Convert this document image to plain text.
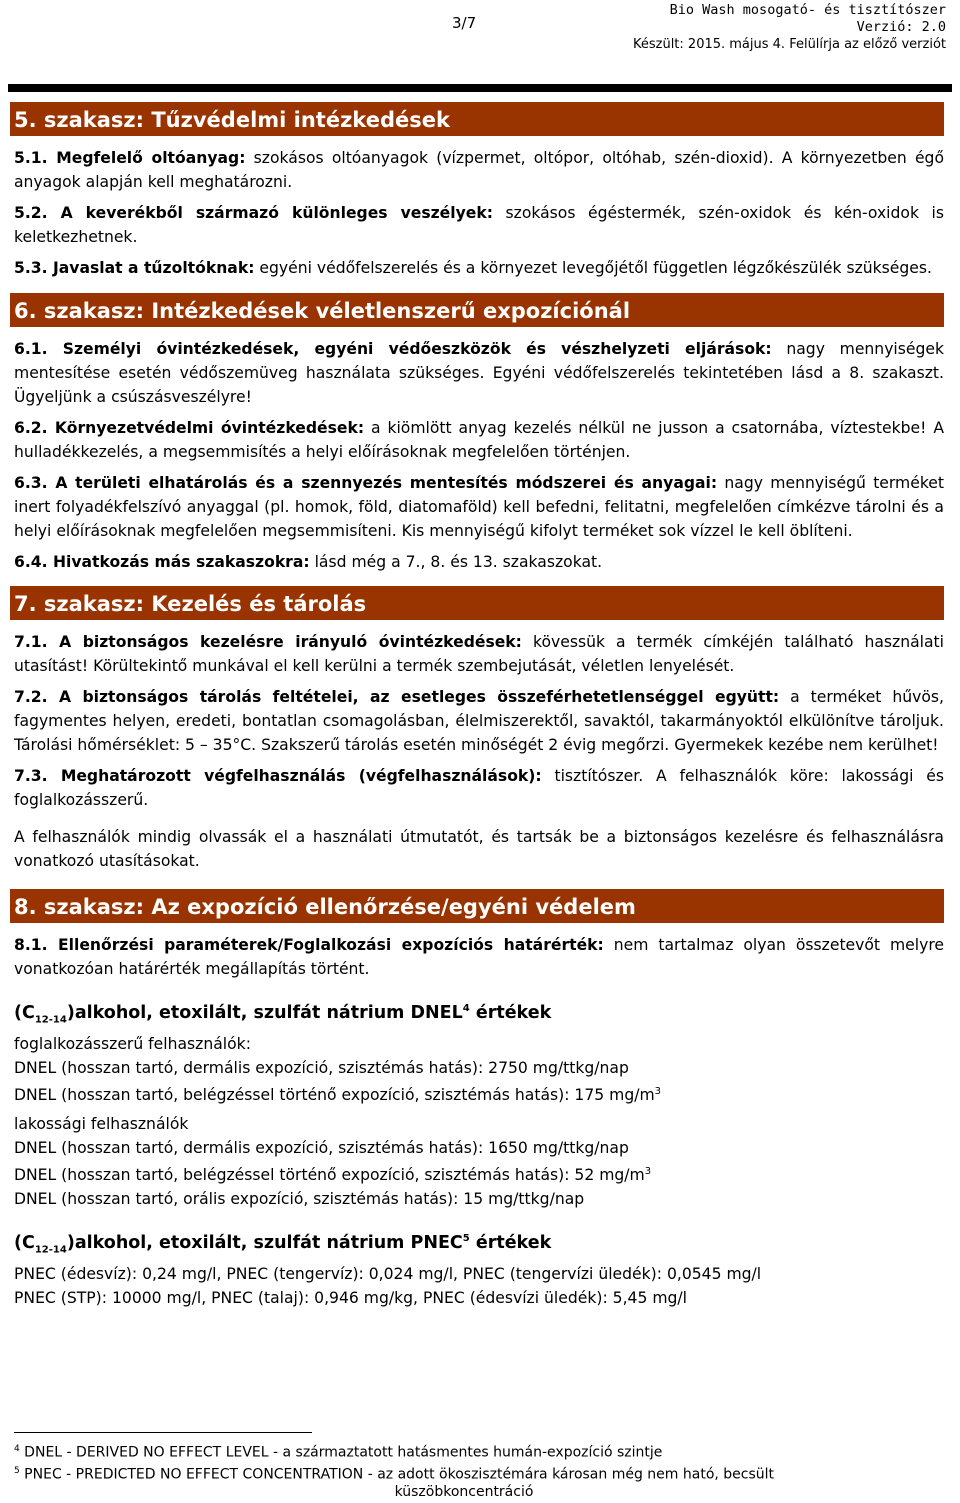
3/7
Bio Wash mosogató- és tisztítószer
Verzió: 2.0
Készült: 2015. május 4. Felülírja az előző verziót
5. szakasz: Tűzvédelmi intézkedések

5.1. Megfelelő oltóanyag: szokásos oltóanyagok (vízpermet, oltópor, oltóhab, szén-dioxid). A környezetben égő anyagok alapján kell meghatározni.

5.2. A keverékből származó különleges veszélyek: szokásos égéstermék, szén-oxidok és kén-oxidok is keletkezhetnek.

5.3. Javaslat a tűzoltóknak: egyéni védőfelszerelés és a környezet levegőjétől független légzőkészülék szükséges.

6. szakasz: Intézkedések véletlenszerű expozíciónál

6.1. Személyi óvintézkedések, egyéni védőeszközök és vészhelyzeti eljárások: nagy mennyiségek mentesítése esetén védőszemüveg használata szükséges. Egyéni védőfelszerelés tekintetében lásd a 8. szakaszt. Ügyeljünk a csúszásveszélyre!

6.2. Környezetvédelmi óvintézkedések: a kiömlött anyag kezelés nélkül ne jusson a csatornába, víztestekbe! A hulladékkezelés, a megsemmisítés a helyi előírásoknak megfelelően történjen.

6.3. A területi elhatárolás és a szennyezés mentesítés módszerei és anyagai: nagy mennyiségű terméket inert folyadékfelszívó anyaggal (pl. homok, föld, diatomaföld) kell befedni, felitatni, megfelelően címkézve tárolni és a helyi előírásoknak megfelelően megsemmisíteni. Kis mennyiségű kifolyt terméket sok vízzel le kell öblíteni.

6.4. Hivatkozás más szakaszokra: lásd még a 7., 8. és 13. szakaszokat.

7. szakasz: Kezelés és tárolás

7.1. A biztonságos kezelésre irányuló óvintézkedések: kövessük a termék címkéjén található használati utasítást! Körültekintő munkával el kell kerülni a termék szembejutását, véletlen lenyelését.

7.2. A biztonságos tárolás feltételei, az esetleges összeférhetetlenséggel együtt: a terméket hűvös, fagymentes helyen, eredeti, bontatlan csomagolásban, élelmiszerektől, savaktól, takarmányoktól elkülönítve tároljuk. Tárolási hőmérséklet: 5 – 35°C. Szakszerű tárolás esetén minőségét 2 évig megőrzi. Gyermekek kezébe nem kerülhet!

7.3. Meghatározott végfelhasználás (végfelhasználások): tisztítószer. A felhasználók köre: lakossági és foglalkozásszerű.

A felhasználók mindig olvassák el a használati útmutatót, és tartsák be a biztonságos kezelésre és felhasználásra vonatkozó utasításokat.

8. szakasz: Az expozíció ellenőrzése/egyéni védelem

8.1. Ellenőrzési paraméterek/Foglalkozási expozíciós határérték: nem tartalmaz olyan összetevőt melyre vonatkozóan határérték megállapítás történt.

$(C_{12-14})alkohol$, etoxilált, szulfát nátrium DNEL$^4$ értékek

foglalkozásszerű felhasználók:

DNEL (hosszan tartó, dermális expozíció, szisztémás hatás): 2750 mg/ttkg/nap

DNEL (hosszan tartó, belégzéssel történő expozíció, szisztémás hatás): 175 $mg/m^3$

lakossági felhasználók

DNEL (hosszan tartó, dermális expozíció, szisztémás hatás): 1650 mg/ttkg/nap

DNEL (hosszan tartó, belégzéssel történő expozíció, szisztémás hatás): 52 $mg/m^3$

DNEL (hosszan tartó, orális expozíció, szisztémás hatás): 15 mg/ttkg/nap

$(C_{12-14})alkohol$, etoxilált, szulfát nátrium PNEC$^5$ értékek

PNEC (édesvíz): 0,24 mg/l, PNEC (tengervíz): 0,024 mg/l, PNEC (tengervízi üledék): 0,0545 mg/l

PNEC (STP): 10000 mg/l, PNEC (talaj): 0,946 mg/kg, PNEC (édesvízi üledék): 5,45 mg/l

$^4$ DNEL - DERIVED NO EFFECT LEVEL - a származtatott hatásmentes humán-expozíció szintje
$^5$ PNEC - PREDICTED NO EFFECT CONCENTRATION - az adott ökoszisztémára károsan még nem ható, becsült
küszöbkoncentráció
